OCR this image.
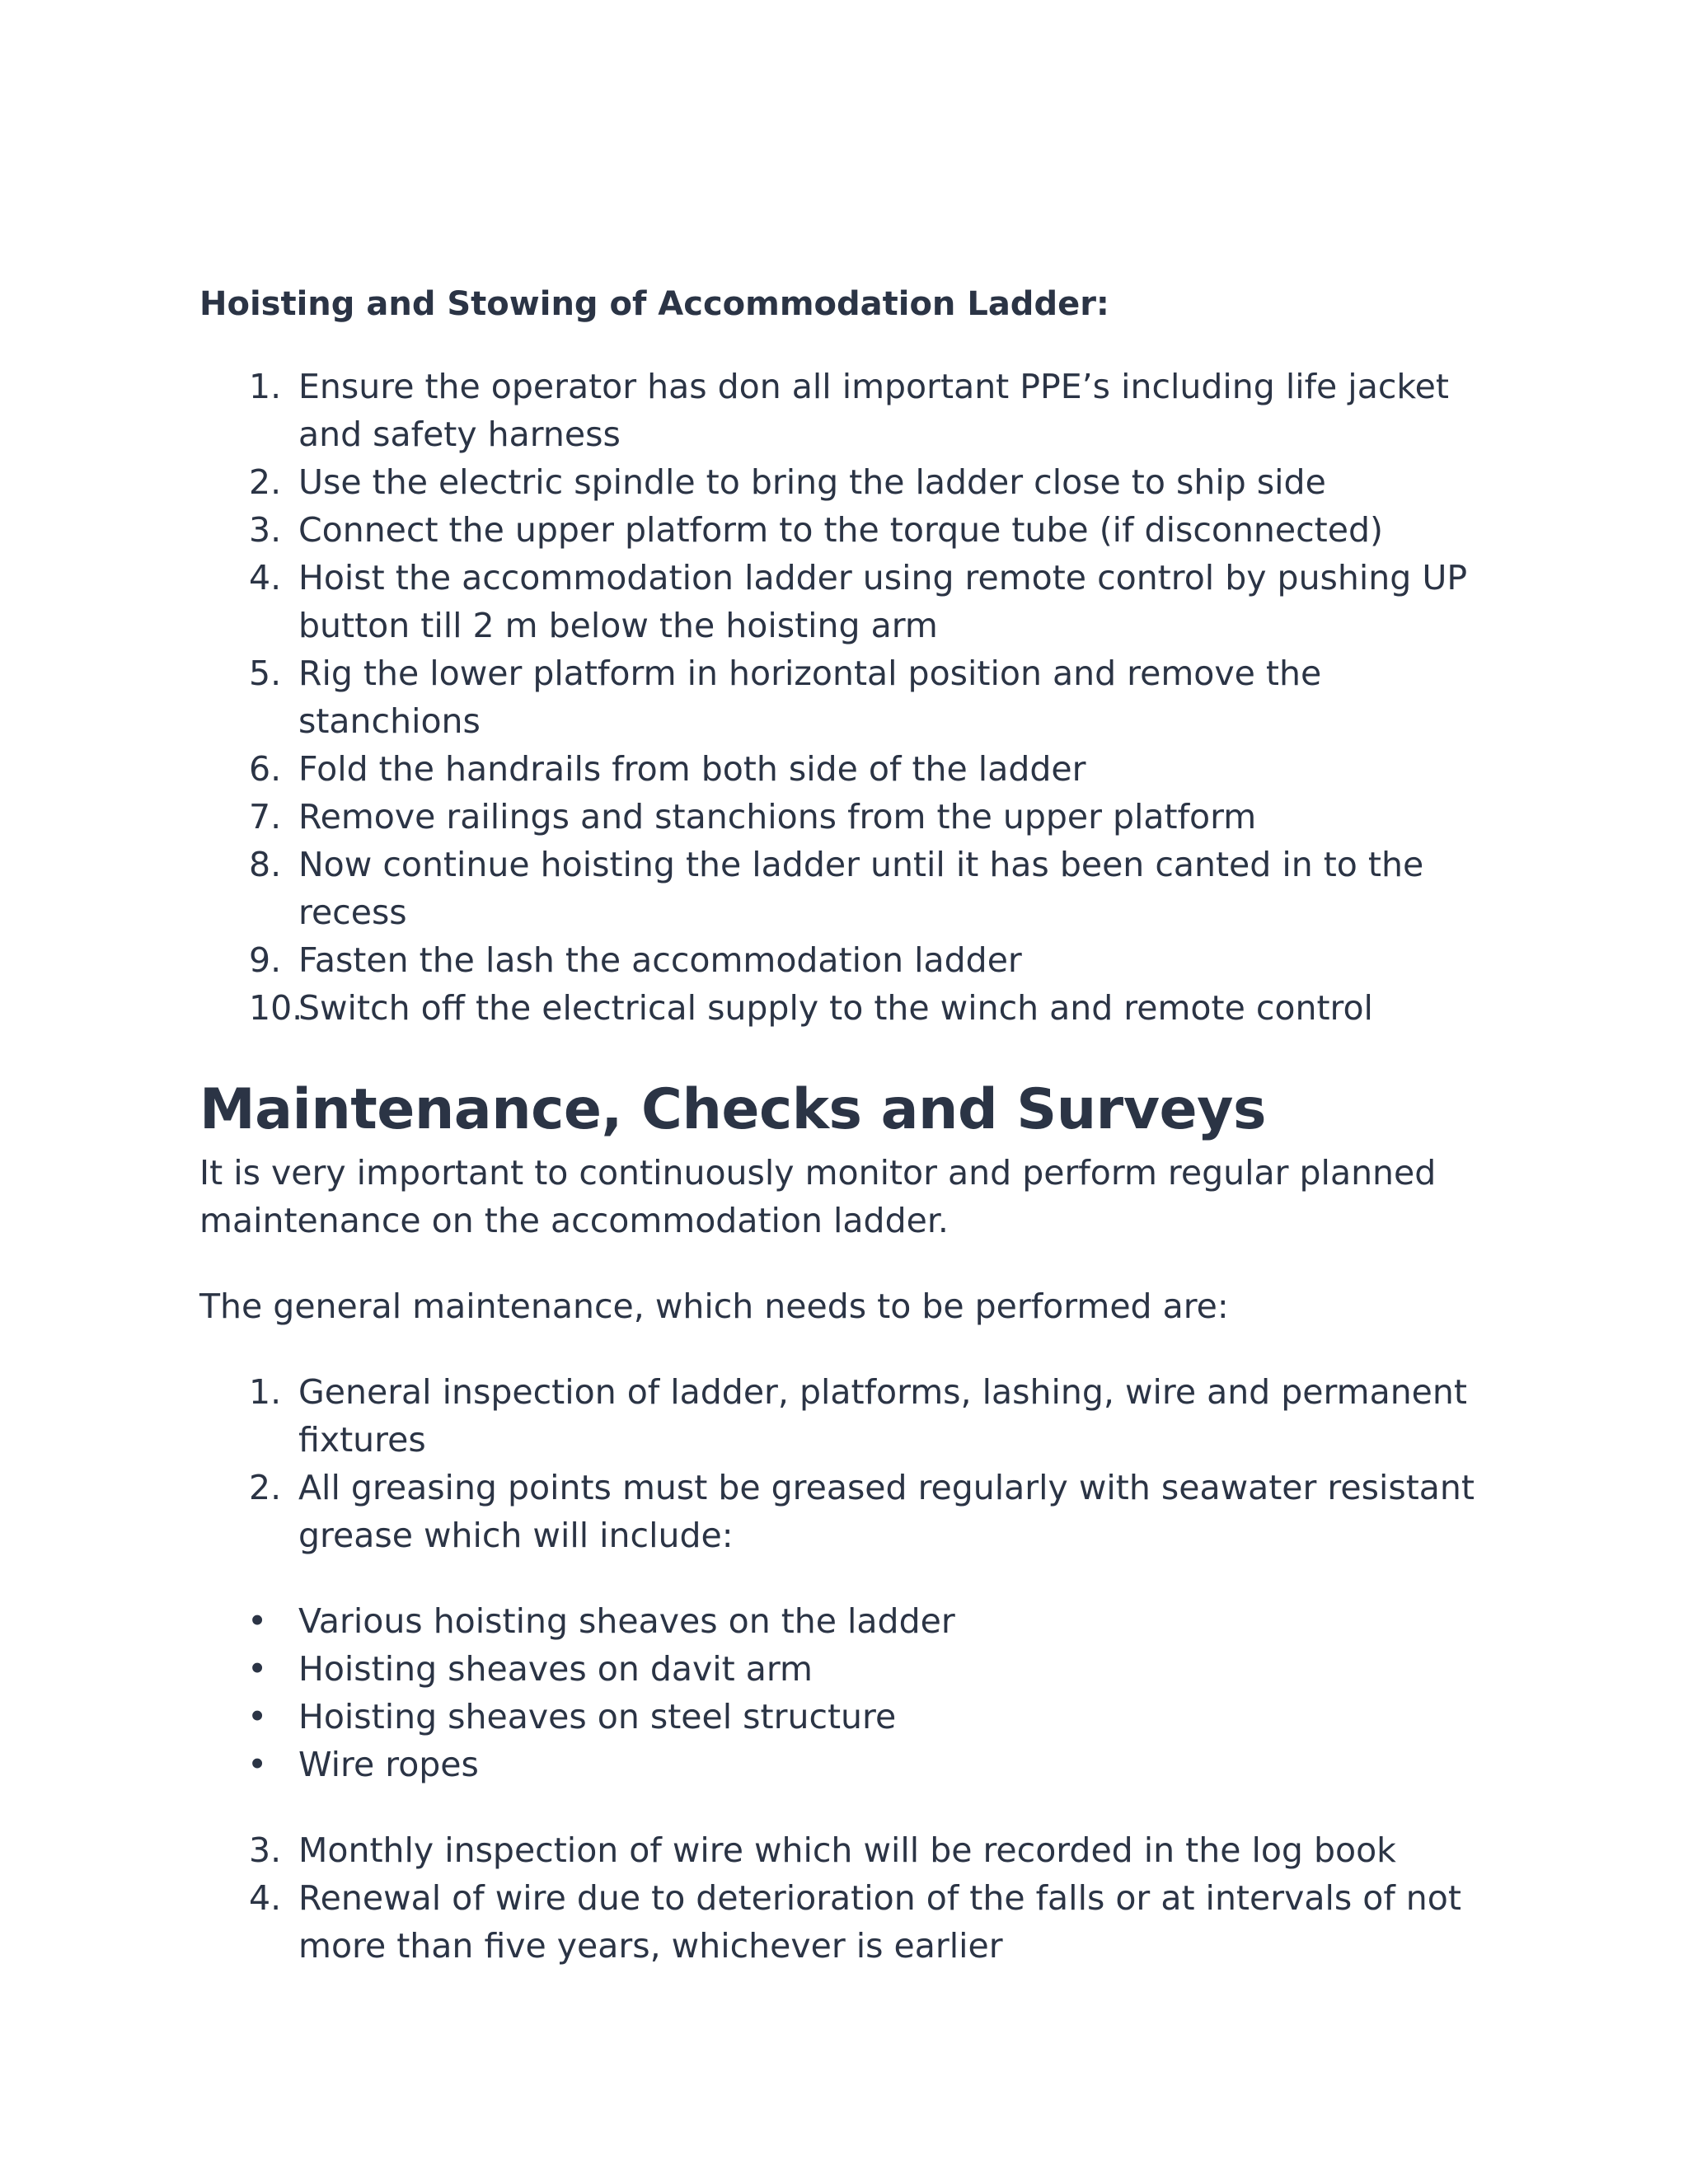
Hoisting and Stowing of Accommodation Ladder:
1. Ensure the operator has don all important PPE’s including life jacket and safety harness
2. Use the electric spindle to bring the ladder close to ship side
3. Connect the upper platform to the torque tube (if disconnected)
4. Hoist the accommodation ladder using remote control by pushing UP button till 2 m below the hoisting arm
5. Rig the lower platform in horizontal position and remove the stanchions
6. Fold the handrails from both side of the ladder
7. Remove railings and stanchions from the upper platform
8. Now continue hoisting the ladder until it has been canted in to the recess
9. Fasten the lash the accommodation ladder
10.
Switch off the electrical supply to the winch and remote control
Maintenance, Checks and Surveys

It is very important to continuously monitor and perform regular planned maintenance on the accommodation ladder.

The general maintenance, which needs to be performed are:

1. General inspection of ladder, platforms, lashing, wire and permanent fixtures
2. All greasing points must be greased regularly with seawater resistant grease which will include:
• Various hoisting sheaves on the ladder
• Hoisting sheaves on davit arm
• Hoisting sheaves on steel structure
• Wire ropes
3. Monthly inspection of wire which will be recorded in the log book
4. Renewal of wire due to deterioration of the falls or at intervals of not more than five years, whichever is earlier
